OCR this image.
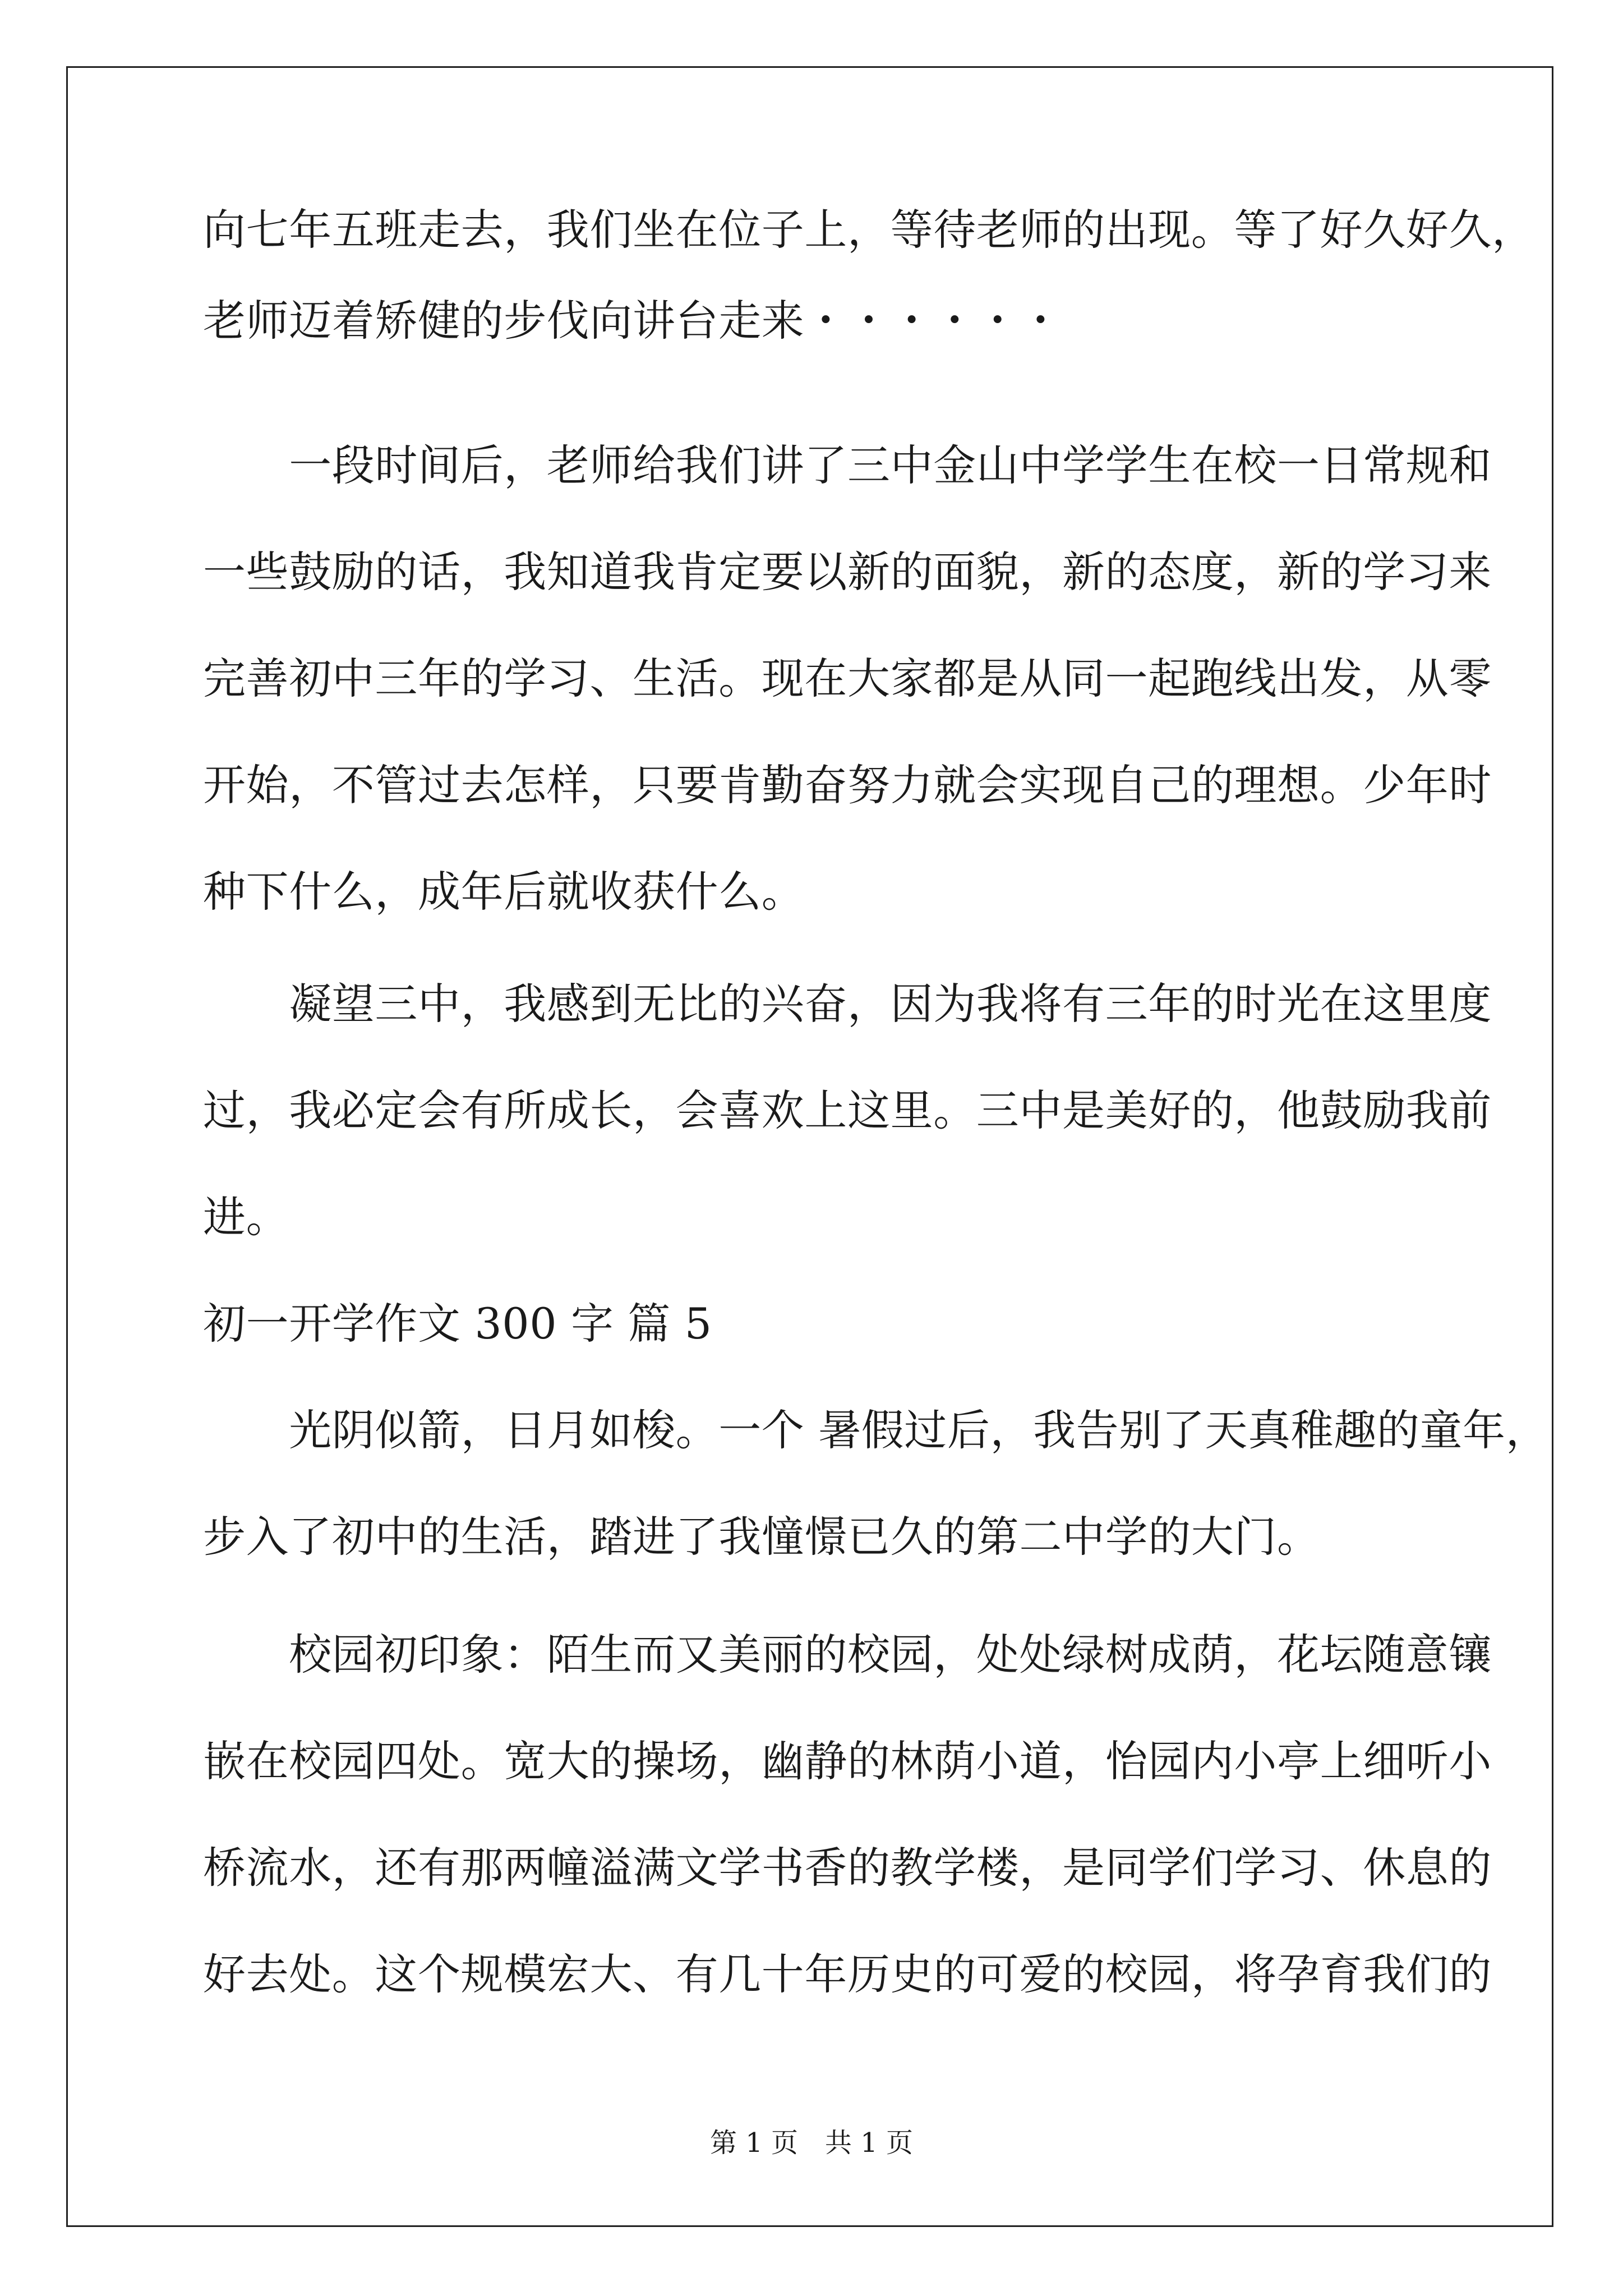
向七年五班走去，我们坐在位子上，等待老师的出现。等了好久好久，
老师迈着矫健的步伐向讲台走来・・・・・・
　　一段时间后，老师给我们讲了三中金山中学学生在校一日常规和
一些鼓励的话，我知道我肯定要以新的面貌，新的态度，新的学习来
完善初中三年的学习、生活。现在大家都是从同一起跑线出发，从零
开始，不管过去怎样，只要肯勤奋努力就会实现自己的理想。少年时
种下什么，成年后就收获什么。
　　凝望三中，我感到无比的兴奋，因为我将有三年的时光在这里度
过，我必定会有所成长，会喜欢上这里。三中是美好的，他鼓励我前
进。
初一开学作文 300 字 篇 5
　　光阴似箭，日月如梭。一个 暑假过后，我告别了天真稚趣的童年，
步入了初中的生活，踏进了我憧憬已久的第二中学的大门。
　　校园初印象：陌生而又美丽的校园，处处绿树成荫，花坛随意镶
嵌在校园四处。宽大的操场，幽静的林荫小道，怡园内小亭上细听小
桥流水，还有那两幢溢满文学书香的教学楼，是同学们学习、休息的
好去处。这个规模宏大、有几十年历史的可爱的校园，将孕育我们的
第 1 页　共 1 页
